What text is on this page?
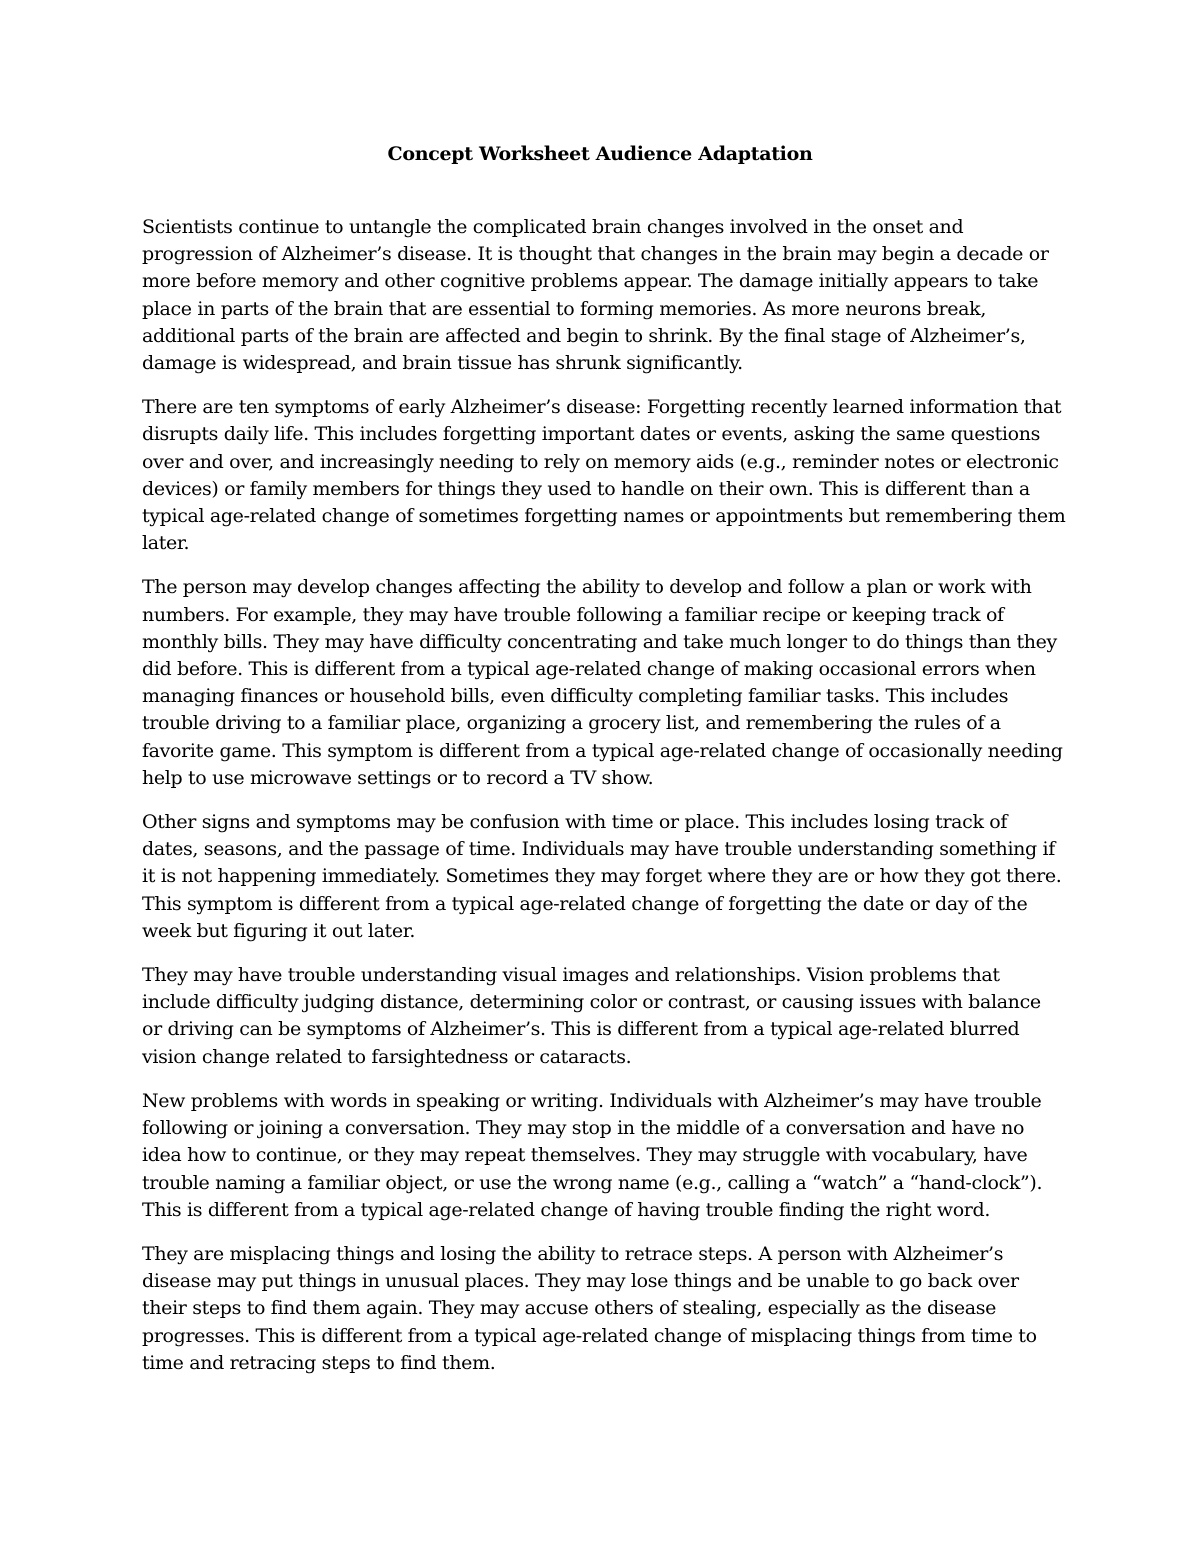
Concept Worksheet Audience Adaptation

Scientists continue to untangle the complicated brain changes involved in the onset and progression of Alzheimer’s disease. It is thought that changes in the brain may begin a decade or more before memory and other cognitive problems appear. The damage initially appears to take place in parts of the brain that are essential to forming memories. As more neurons break, additional parts of the brain are affected and begin to shrink. By the final stage of Alzheimer’s, damage is widespread, and brain tissue has shrunk significantly.

There are ten symptoms of early Alzheimer’s disease: Forgetting recently learned information that disrupts daily life. This includes forgetting important dates or events, asking the same questions over and over, and increasingly needing to rely on memory aids (e.g., reminder notes or electronic devices) or family members for things they used to handle on their own. This is different than a typical age-related change of sometimes forgetting names or appointments but remembering them later.

The person may develop changes affecting the ability to develop and follow a plan or work with numbers. For example, they may have trouble following a familiar recipe or keeping track of monthly bills. They may have difficulty concentrating and take much longer to do things than they did before. This is different from a typical age-related change of making occasional errors when managing finances or household bills, even difficulty completing familiar tasks. This includes trouble driving to a familiar place, organizing a grocery list, and remembering the rules of a favorite game. This symptom is different from a typical age-related change of occasionally needing help to use microwave settings or to record a TV show.

Other signs and symptoms may be confusion with time or place. This includes losing track of dates, seasons, and the passage of time. Individuals may have trouble understanding something if it is not happening immediately. Sometimes they may forget where they are or how they got there. This symptom is different from a typical age-related change of forgetting the date or day of the week but figuring it out later.

They may have trouble understanding visual images and relationships. Vision problems that include difficulty judging distance, determining color or contrast, or causing issues with balance or driving can be symptoms of Alzheimer’s. This is different from a typical age-related blurred vision change related to farsightedness or cataracts.

New problems with words in speaking or writing. Individuals with Alzheimer’s may have trouble following or joining a conversation. They may stop in the middle of a conversation and have no idea how to continue, or they may repeat themselves. They may struggle with vocabulary, have trouble naming a familiar object, or use the wrong name (e.g., calling a “watch” a “hand-clock”). This is different from a typical age-related change of having trouble finding the right word.

They are misplacing things and losing the ability to retrace steps. A person with Alzheimer’s disease may put things in unusual places. They may lose things and be unable to go back over their steps to find them again. They may accuse others of stealing, especially as the disease progresses. This is different from a typical age-related change of misplacing things from time to time and retracing steps to find them.
